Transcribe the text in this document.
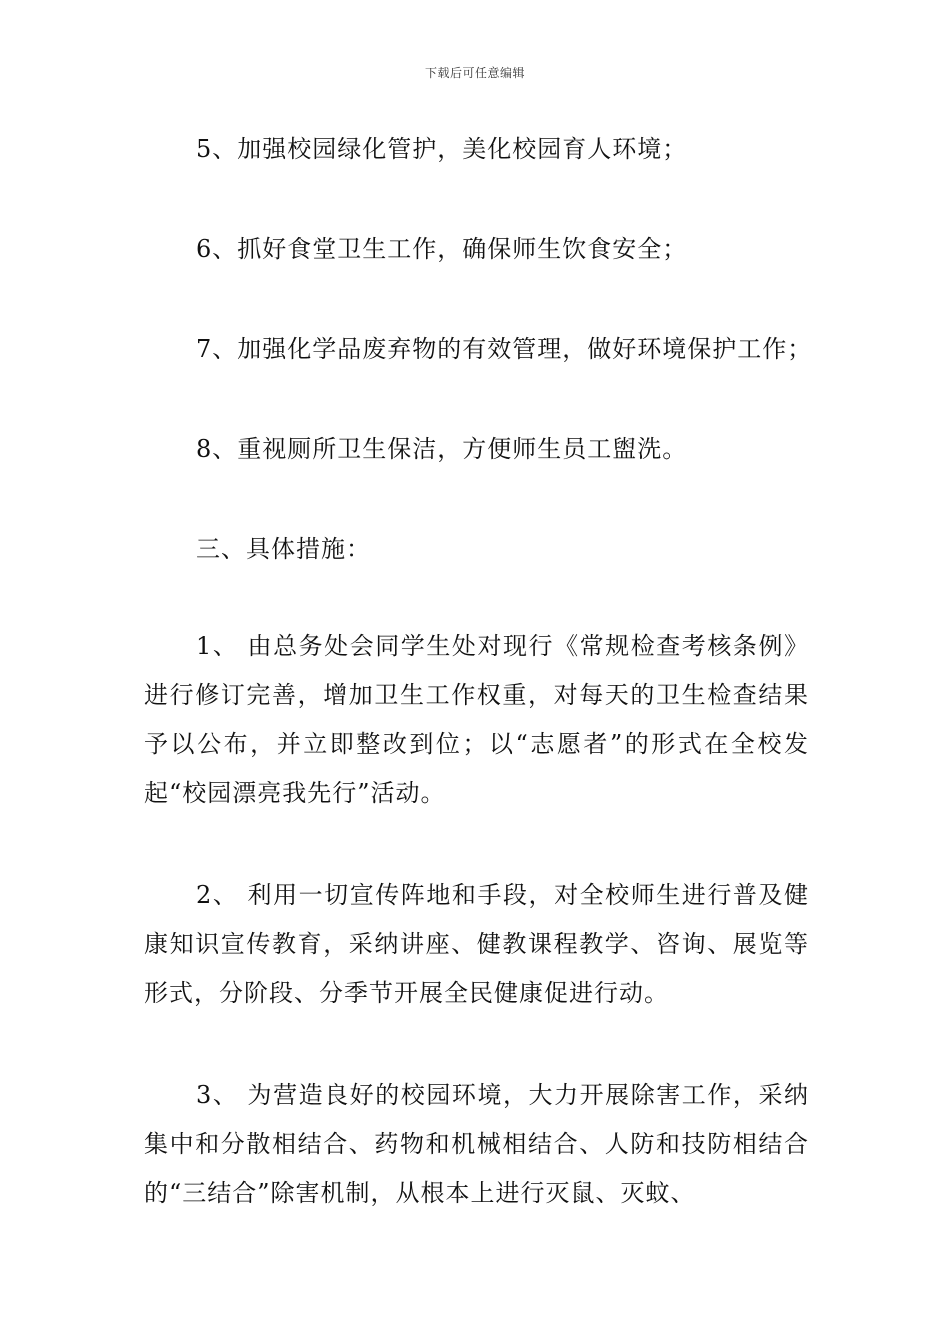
下载后可任意编辑
5、加强校园绿化管护，美化校园育人环境；
6、抓好食堂卫生工作，确保师生饮食安全；
7、加强化学品废弃物的有效管理，做好环境保护工作；
8、重视厕所卫生保洁，方便师生员工盥洗。
三、具体措施：
1、 由总务处会同学生处对现行《常规检查考核条例》进行修订完善，增加卫生工作权重，对每天的卫生检查结果予以公布，并立即整改到位；以“志愿者”的形式在全校发起“校园漂亮我先行”活动。
2、 利用一切宣传阵地和手段，对全校师生进行普及健康知识宣传教育，采纳讲座、健教课程教学、咨询、展览等形式，分阶段、分季节开展全民健康促进行动。
3、 为营造良好的校园环境，大力开展除害工作，采纳集中和分散相结合、药物和机械相结合、人防和技防相结合的“三结合”除害机制，从根本上进行灭鼠、灭蚊、
